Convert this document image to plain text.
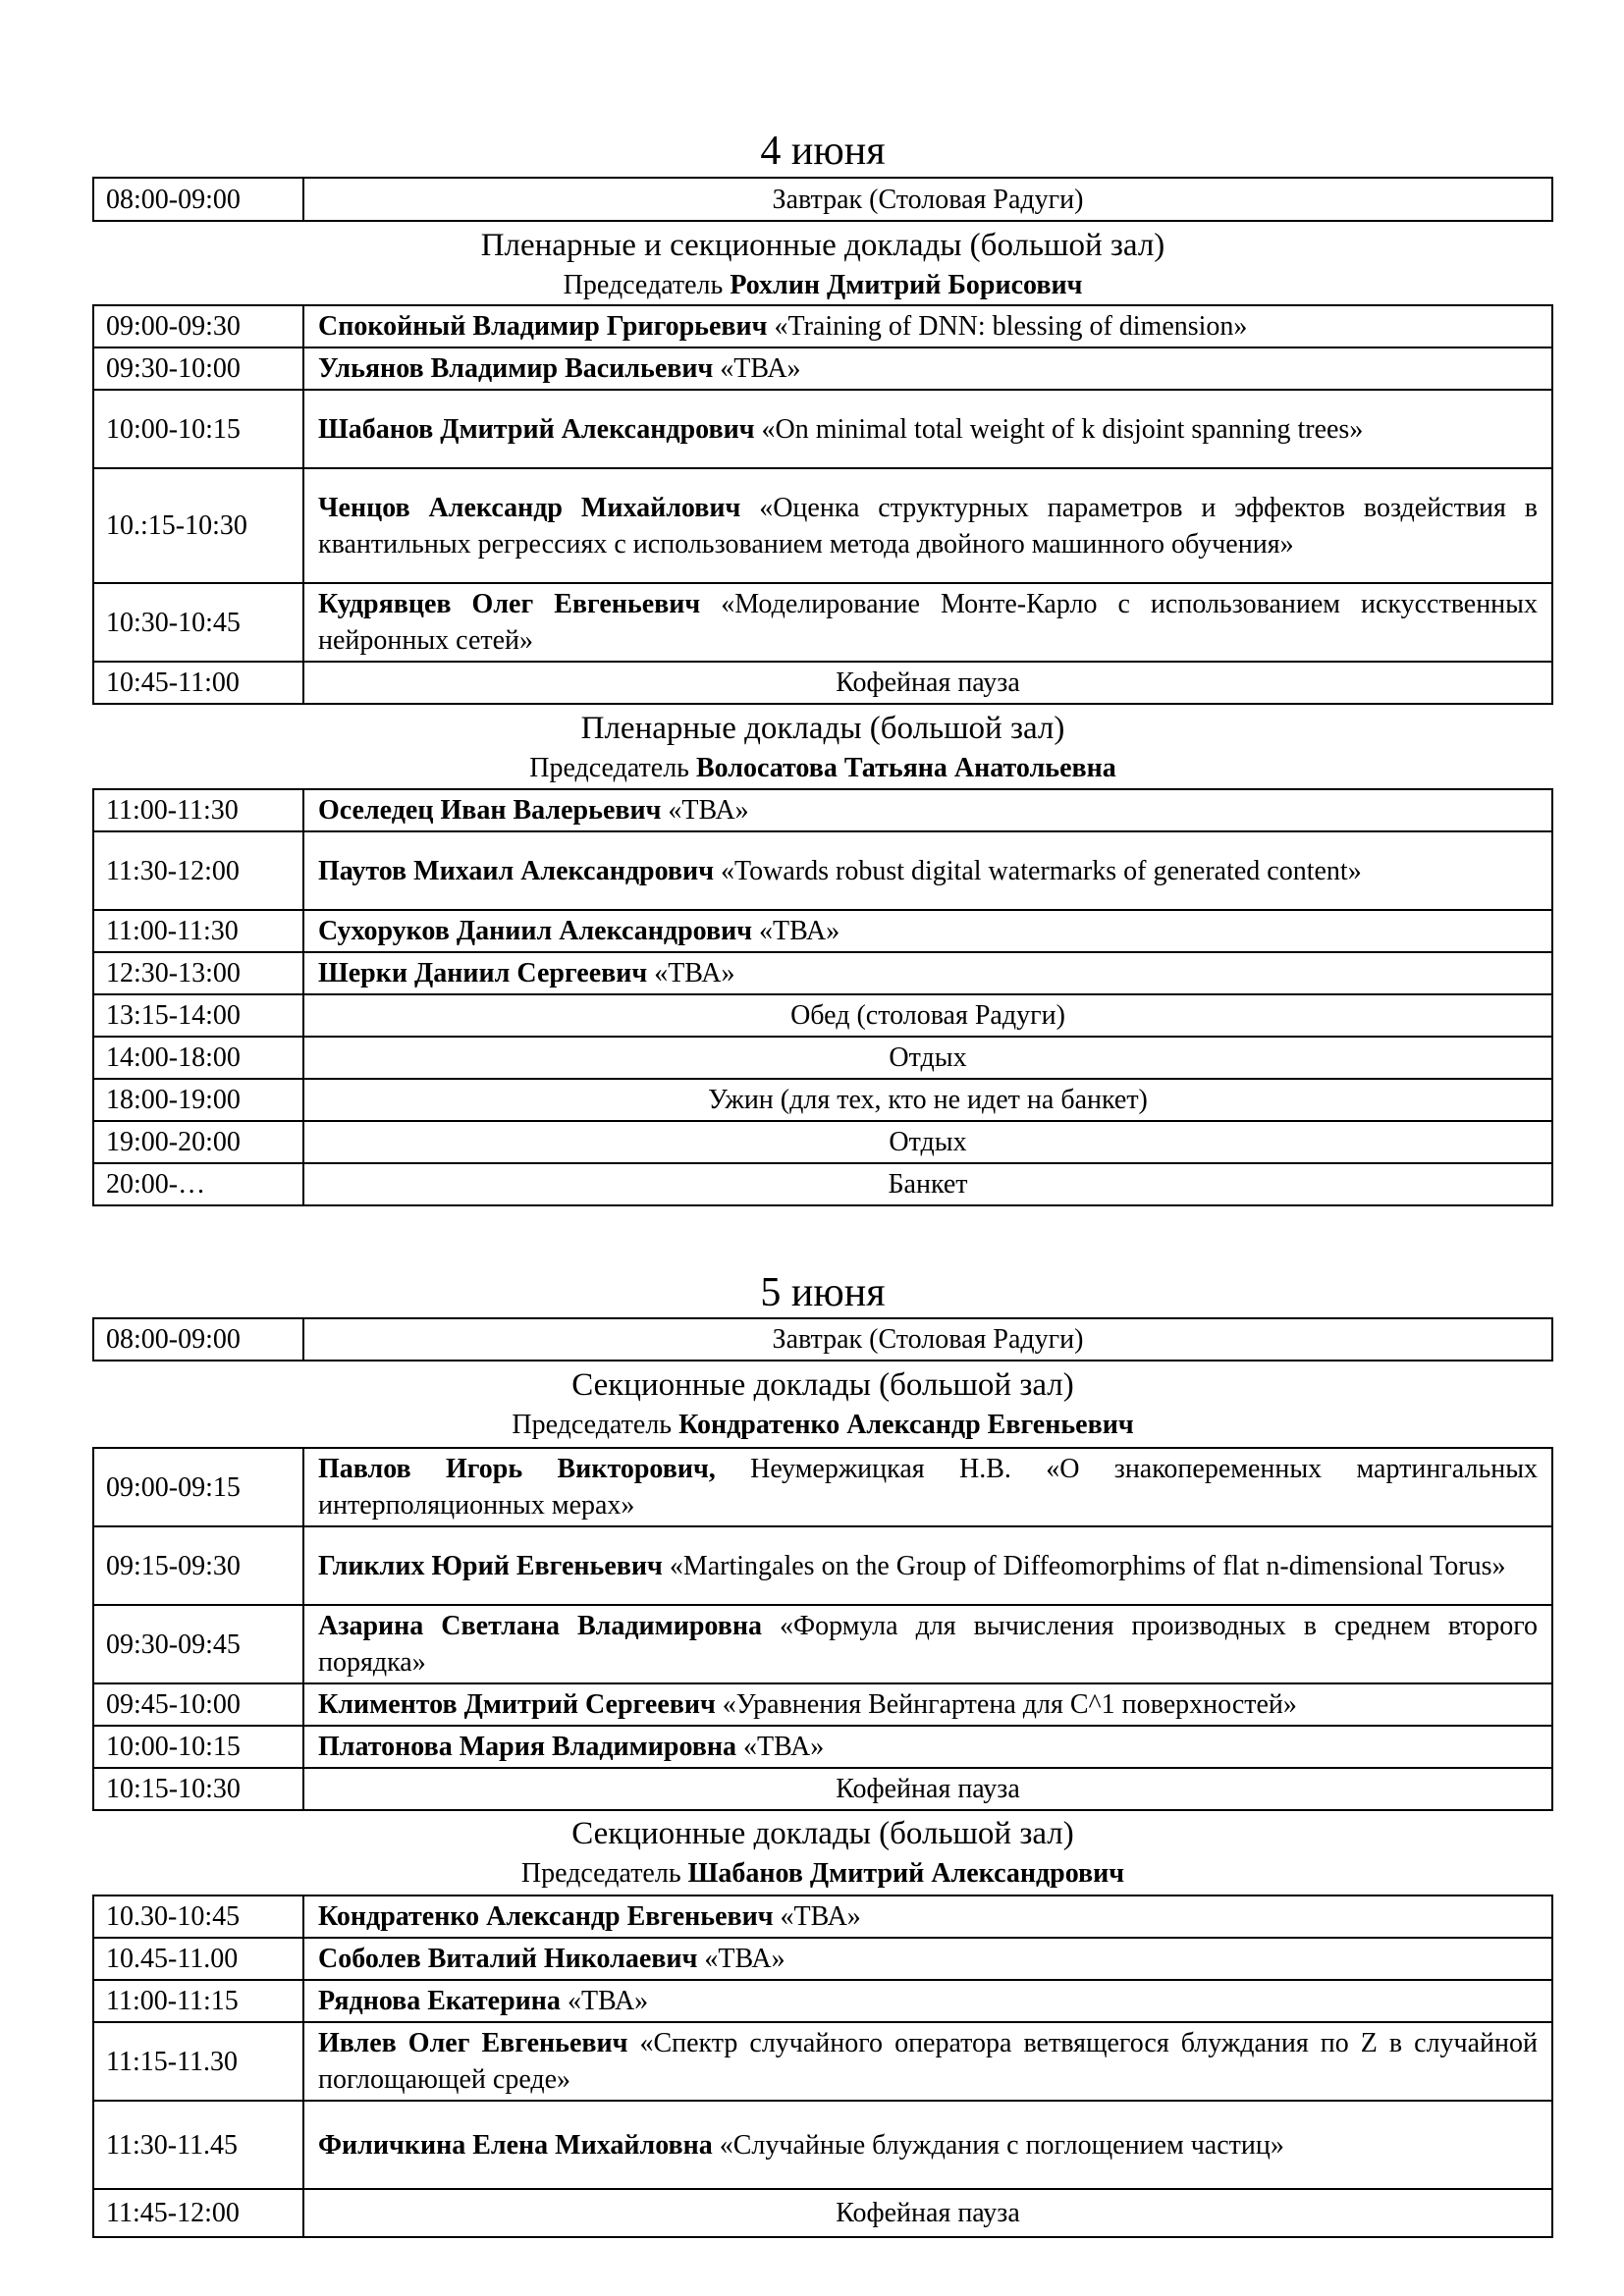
4 июня
08:00-09:00	Завтрак (Столовая Радуги)
Пленарные и секционные доклады (большой зал)
Председатель Рохлин Дмитрий Борисович
09:00-09:30	Спокойный Владимир Григорьевич «Training of DNN: blessing of dimension»
09:30-10:00	Ульянов Владимир Васильевич «ТВА»
10:00-10:15	Шабанов Дмитрий Александрович «On minimal total weight of k disjoint spanning trees»
10.:15-10:30	Ченцов Александр Михайлович «Оценка структурных параметров и эффектов воздействия в квантильных регрессиях с использованием метода двойного машинного обучения»
10:30-10:45	Кудрявцев Олег Евгеньевич «Моделирование Монте-Карло с использованием искусственных нейронных сетей»
10:45-11:00	Кофейная пауза
Пленарные доклады (большой зал)
Председатель Волосатова Татьяна Анатольевна
11:00-11:30	Оселедец Иван Валерьевич «ТВА»
11:30-12:00	Паутов Михаил Александрович «Towards robust digital watermarks of generated content»
11:00-11:30	Сухоруков Даниил Александрович «ТВА»
12:30-13:00	Шерки Даниил Сергеевич «ТВА»
13:15-14:00	Обед (столовая Радуги)
14:00-18:00	Отдых
18:00-19:00	Ужин (для тех, кто не идет на банкет)
19:00-20:00	Отдых
20:00-…	Банкет
5 июня
08:00-09:00	Завтрак (Столовая Радуги)
Секционные доклады (большой зал)
Председатель Кондратенко Александр Евгеньевич
09:00-09:15	Павлов Игорь Викторович, Неумержицкая Н.В. «О знакопеременных мартингальных интерполяционных мерах»
09:15-09:30	Гликлих Юрий Евгеньевич «Martingales on the Group of Diffeomorphims of flat n-dimensional Torus»
09:30-09:45	Азарина Светлана Владимировна «Формула для вычисления производных в среднем второго порядка»
09:45-10:00	Климентов Дмитрий Сергеевич «Уравнения Вейнгартена для C^1 поверхностей»
10:00-10:15	Платонова Мария Владимировна «ТВА»
10:15-10:30	Кофейная пауза
Секционные доклады (большой зал)
Председатель Шабанов Дмитрий Александрович
10.30-10:45	Кондратенко Александр Евгеньевич «ТВА»
10.45-11.00	Соболев Виталий Николаевич «ТВА»
11:00-11:15	Ряднова Екатерина «ТВА»
11:15-11.30	Ивлев Олег Евгеньевич «Спектр случайного оператора ветвящегося блуждания по Z в случайной поглощающей среде»
11:30-11.45	Филичкина Елена Михайловна «Случайные блуждания с поглощением частиц»
11:45-12:00	Кофейная пауза
